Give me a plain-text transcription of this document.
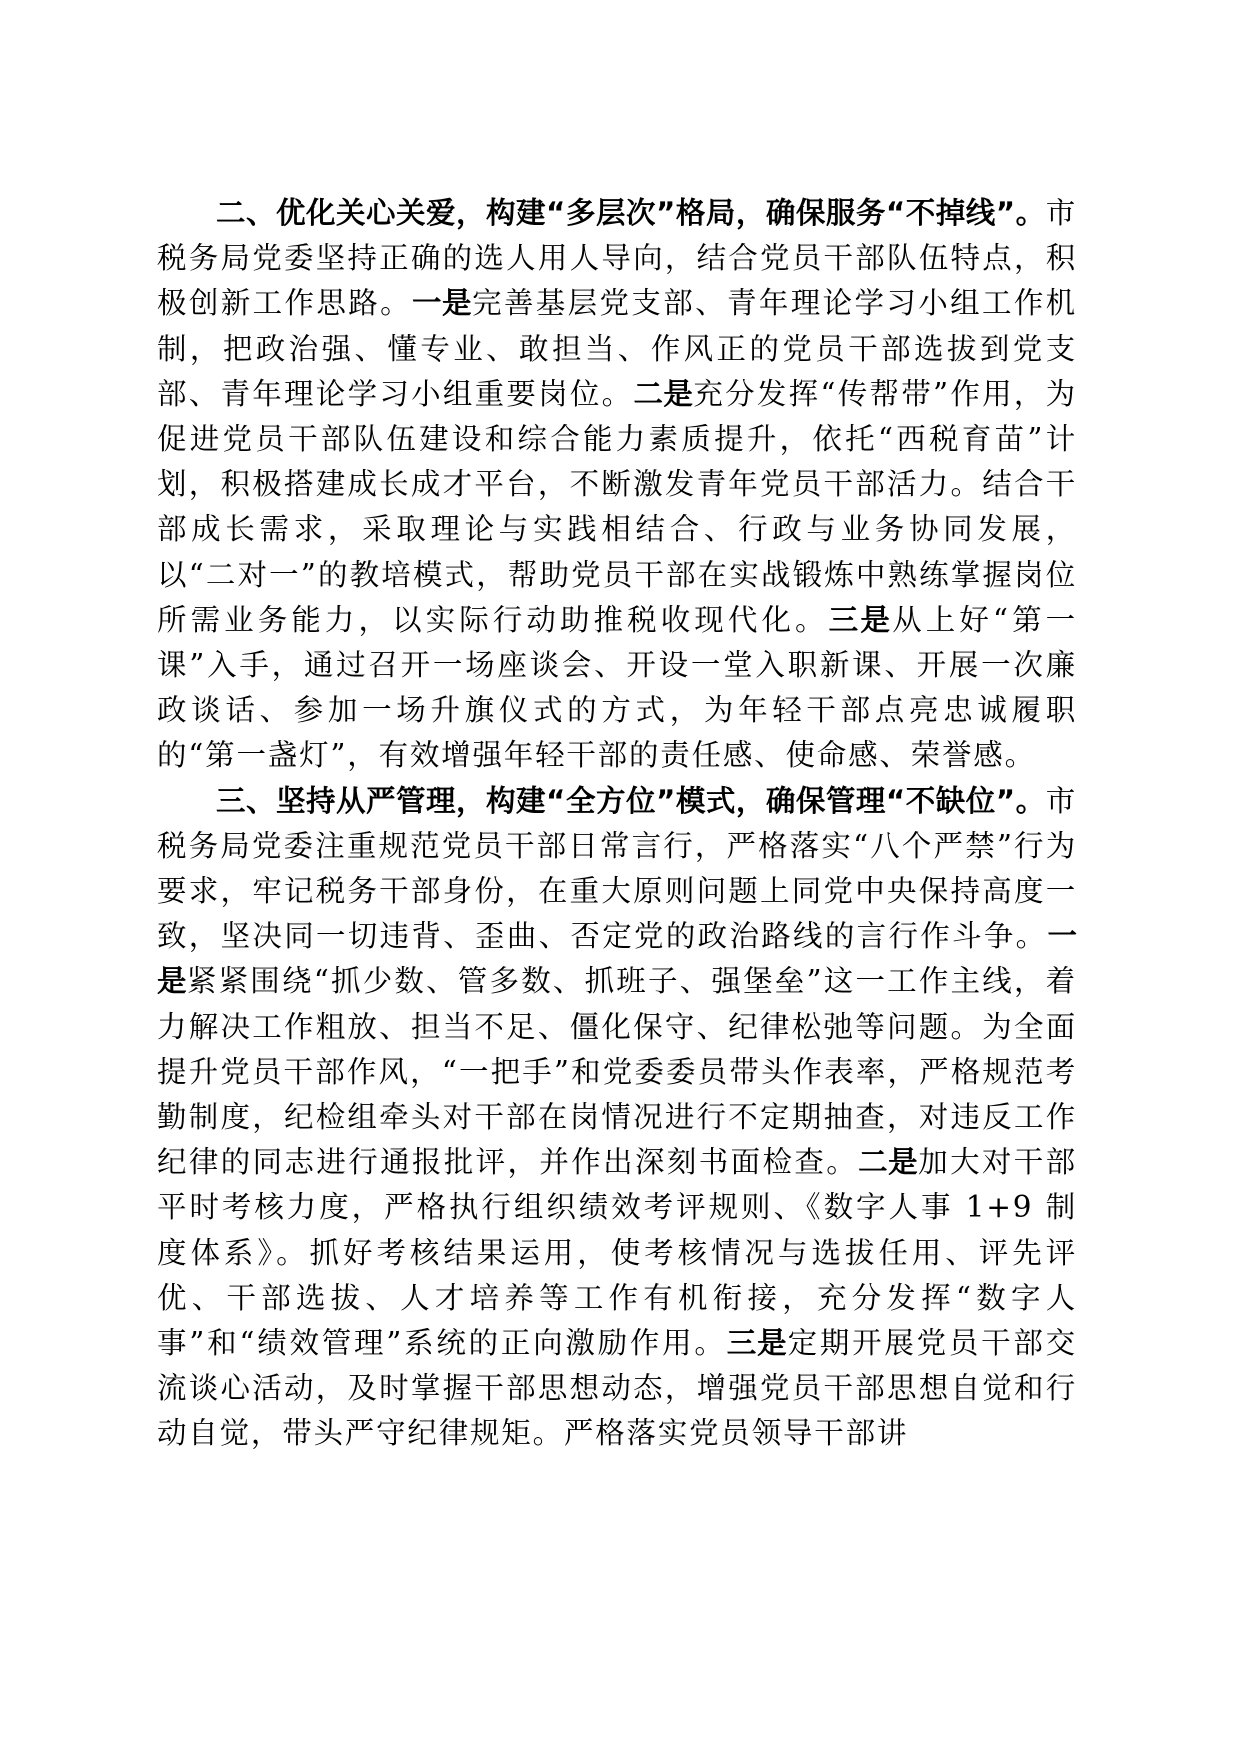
二、优化关心关爱，构建“多层次”格局，确保服务“不掉线”。市税务局党委坚持正确的选人用人导向，结合党员干部队伍特点，积极创新工作思路。一是完善基层党支部、青年理论学习小组工作机制，把政治强、懂专业、敢担当、作风正的党员干部选拔到党支部、青年理论学习小组重要岗位。二是充分发挥“传帮带”作用，为促进党员干部队伍建设和综合能力素质提升，依托“西税育苗”计划，积极搭建成长成才平台，不断激发青年党员干部活力。结合干部成长需求，采取理论与实践相结合、行政与业务协同发展，以“二对一”的教培模式，帮助党员干部在实战锻炼中熟练掌握岗位所需业务能力，以实际行动助推税收现代化。三是从上好“第一课”入手，通过召开一场座谈会、开设一堂入职新课、开展一次廉政谈话、参加一场升旗仪式的方式，为年轻干部点亮忠诚履职的“第一盏灯”，有效增强年轻干部的责任感、使命感、荣誉感。

三、坚持从严管理，构建“全方位”模式，确保管理“不缺位”。市税务局党委注重规范党员干部日常言行，严格落实“八个严禁”行为要求，牢记税务干部身份，在重大原则问题上同党中央保持高度一致，坚决同一切违背、歪曲、否定党的政治路线的言行作斗争。一是紧紧围绕“抓少数、管多数、抓班子、强堡垒”这一工作主线，着力解决工作粗放、担当不足、僵化保守、纪律松弛等问题。为全面提升党员干部作风，“一把手”和党委委员带头作表率，严格规范考勤制度，纪检组牵头对干部在岗情况进行不定期抽查，对违反工作纪律的同志进行通报批评，并作出深刻书面检查。二是加大对干部平时考核力度，严格执行组织绩效考评规则、《数字人事 1+9 制度体系》。抓好考核结果运用，使考核情况与选拔任用、评先评优、干部选拔、人才培养等工作有机衔接，充分发挥“数字人事”和“绩效管理”系统的正向激励作用。三是定期开展党员干部交流谈心活动，及时掌握干部思想动态，增强党员干部思想自觉和行动自觉，带头严守纪律规矩。严格落实党员领导干部讲
